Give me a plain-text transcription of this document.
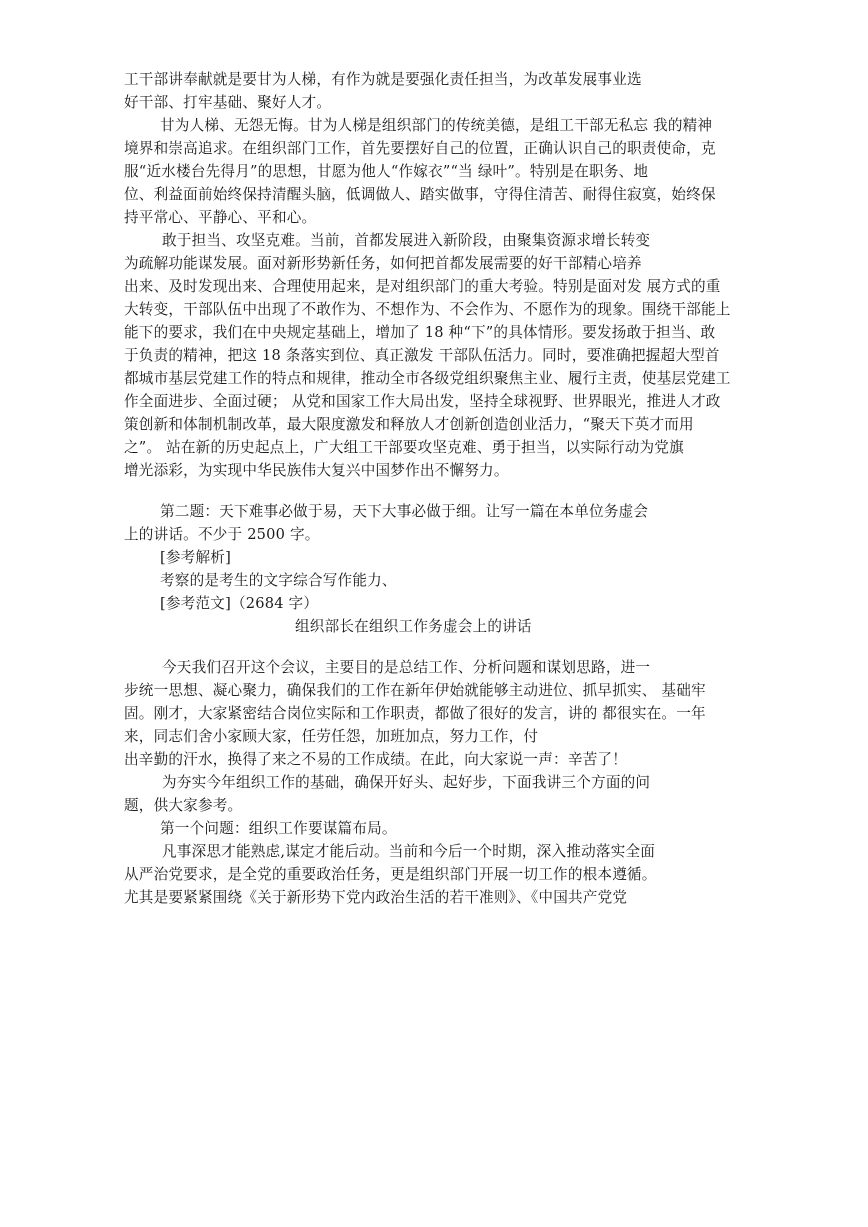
工干部讲奉献就是要甘为人梯，有作为就是要强化责任担当，为改革发展事业选
好干部、打牢基础、聚好人才。
甘为人梯、无怨无悔。甘为人梯是组织部门的传统美德，是组工干部无私忘 我的精神
境界和崇高追求。在组织部门工作，首先要摆好自己的位置，正确认识自己的职责使命，克
服“近水楼台先得月”的思想，甘愿为他人“作嫁衣”“当 绿叶”。特别是在职务、地
位、利益面前始终保持清醒头脑，低调做人、踏实做事，守得住清苦、耐得住寂寞，始终保
持平常心、平静心、平和心。
敢于担当、攻坚克难。当前，首都发展进入新阶段，由聚集资源求增长转变
为疏解功能谋发展。面对新形势新任务，如何把首都发展需要的好干部精心培养
出来、及时发现出来、合理使用起来，是对组织部门的重大考验。特别是面对发 展方式的重
大转变，干部队伍中出现了不敢作为、不想作为、不会作为、不愿作为的现象。围绕干部能上
能下的要求，我们在中央规定基础上，增加了 18 种“下”的具体情形。要发扬敢于担当、敢
于负责的精神，把这 18 条落实到位、真正激发 干部队伍活力。同时，要准确把握超大型首
都城市基层党建工作的特点和规律，推动全市各级党组织聚焦主业、履行主责，使基层党建工
作全面进步、全面过硬； 从党和国家工作大局出发，坚持全球视野、世界眼光，推进人才政
策创新和体制机制改革，最大限度激发和释放人才创新创造创业活力，“聚天下英才而用
之”。 站在新的历史起点上，广大组工干部要攻坚克难、勇于担当，以实际行动为党旗
增光添彩，为实现中华民族伟大复兴中国梦作出不懈努力。
第二题：天下难事必做于易，天下大事必做于细。让写一篇在本单位务虚会
上的讲话。不少于 2500 字。
[参考解析]
考察的是考生的文字综合写作能力、
[参考范文]（2684 字）
组织部长在组织工作务虚会上的讲话
今天我们召开这个会议，主要目的是总结工作、分析问题和谋划思路，进一
步统一思想、凝心聚力，确保我们的工作在新年伊始就能够主动进位、抓早抓实、 基础牢
固。刚才，大家紧密结合岗位实际和工作职责，都做了很好的发言，讲的 都很实在。一年
来，同志们舍小家顾大家，任劳任怨，加班加点，努力工作，付
出辛勤的汗水，换得了来之不易的工作成绩。在此，向大家说一声：辛苦了！
为夯实今年组织工作的基础，确保开好头、起好步，下面我讲三个方面的问
题，供大家参考。
第一个问题：组织工作要谋篇布局。
凡事深思才能熟虑,谋定才能后动。当前和今后一个时期，深入推动落实全面
从严治党要求，是全党的重要政治任务，更是组织部门开展一切工作的根本遵循。
尤其是要紧紧围绕《关于新形势下党内政治生活的若干准则》、《中国共产党党
